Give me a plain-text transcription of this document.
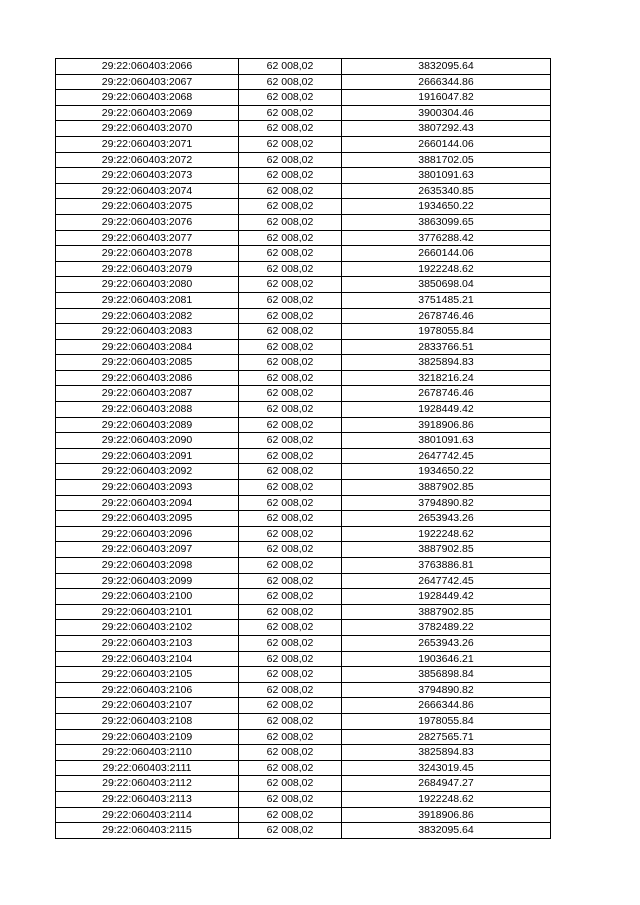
29:22:060403:2066	62 008,02	3832095.64
29:22:060403:2067	62 008,02	2666344.86
29:22:060403:2068	62 008,02	1916047.82
29:22:060403:2069	62 008,02	3900304.46
29:22:060403:2070	62 008,02	3807292.43
29:22:060403:2071	62 008,02	2660144.06
29:22:060403:2072	62 008,02	3881702.05
29:22:060403:2073	62 008,02	3801091.63
29:22:060403:2074	62 008,02	2635340.85
29:22:060403:2075	62 008,02	1934650.22
29:22:060403:2076	62 008,02	3863099.65
29:22:060403:2077	62 008,02	3776288.42
29:22:060403:2078	62 008,02	2660144.06
29:22:060403:2079	62 008,02	1922248.62
29:22:060403:2080	62 008,02	3850698.04
29:22:060403:2081	62 008,02	3751485.21
29:22:060403:2082	62 008,02	2678746.46
29:22:060403:2083	62 008,02	1978055.84
29:22:060403:2084	62 008,02	2833766.51
29:22:060403:2085	62 008,02	3825894.83
29:22:060403:2086	62 008,02	3218216.24
29:22:060403:2087	62 008,02	2678746.46
29:22:060403:2088	62 008,02	1928449.42
29:22:060403:2089	62 008,02	3918906.86
29:22:060403:2090	62 008,02	3801091.63
29:22:060403:2091	62 008,02	2647742.45
29:22:060403:2092	62 008,02	1934650.22
29:22:060403:2093	62 008,02	3887902.85
29:22:060403:2094	62 008,02	3794890.82
29:22:060403:2095	62 008,02	2653943.26
29:22:060403:2096	62 008,02	1922248.62
29:22:060403:2097	62 008,02	3887902.85
29:22:060403:2098	62 008,02	3763886.81
29:22:060403:2099	62 008,02	2647742.45
29:22:060403:2100	62 008,02	1928449.42
29:22:060403:2101	62 008,02	3887902.85
29:22:060403:2102	62 008,02	3782489.22
29:22:060403:2103	62 008,02	2653943.26
29:22:060403:2104	62 008,02	1903646.21
29:22:060403:2105	62 008,02	3856898.84
29:22:060403:2106	62 008,02	3794890.82
29:22:060403:2107	62 008,02	2666344.86
29:22:060403:2108	62 008,02	1978055.84
29:22:060403:2109	62 008,02	2827565.71
29:22:060403:2110	62 008,02	3825894.83
29:22:060403:2111	62 008,02	3243019.45
29:22:060403:2112	62 008,02	2684947.27
29:22:060403:2113	62 008,02	1922248.62
29:22:060403:2114	62 008,02	3918906.86
29:22:060403:2115	62 008,02	3832095.64
